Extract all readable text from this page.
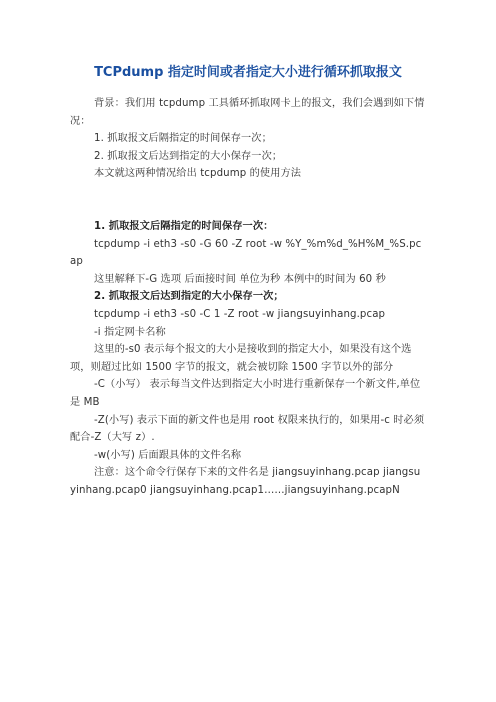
TCPdump 指定时间或者指定大小进行循环抓取报文

背景：我们用 tcpdump 工具循环抓取网卡上的报文，我们会遇到如下情况：

1. 抓取报文后隔指定的时间保存一次；

2. 抓取报文后达到指定的大小保存一次；

本文就这两种情况给出 tcpdump 的使用方法

1. 抓取报文后隔指定的时间保存一次：

tcpdump -i eth3 -s0 -G 60 -Z root -w %Y_%m%d_%H%M_%S.pcap

这里解释下-G 选项 后面接时间 单位为秒 本例中的时间为 60 秒

2. 抓取报文后达到指定的大小保存一次；

tcpdump -i eth3 -s0 -C 1 -Z root -w jiangsuyinhang.pcap

-i 指定网卡名称

这里的-s0 表示每个报文的大小是接收到的指定大小，如果没有这个选项，则超过比如 1500 字节的报文，就会被切除 1500 字节以外的部分

-C（小写） 表示每当文件达到指定大小时进行重新保存一个新文件,单位是 MB

-Z(小写) 表示下面的新文件也是用 root 权限来执行的，如果用-c 时必须配合-Z（大写 z）.

-w(小写) 后面跟具体的文件名称

注意：这个命令行保存下来的文件名是 jiangsuyinhang.pcap jiangsuyinhang.pcap0 jiangsuyinhang.pcap1……jiangsuyinhang.pcapN
